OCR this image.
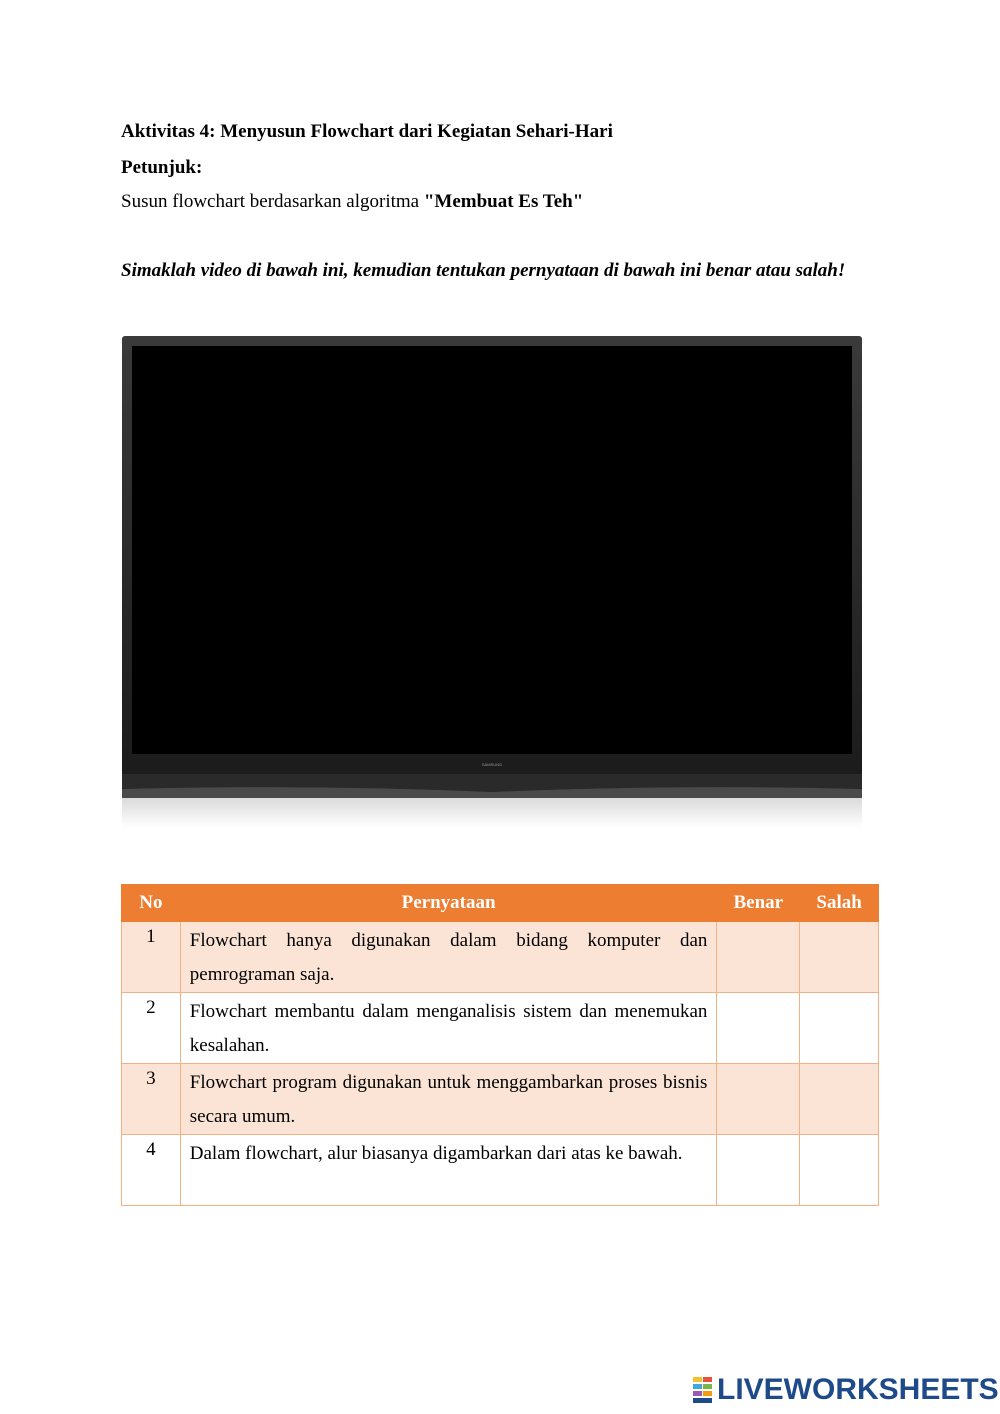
Aktivitas 4: Menyusun Flowchart dari Kegiatan Sehari-Hari
Petunjuk:
Susun flowchart berdasarkan algoritma "Membuat Es Teh"
Simaklah video di bawah ini, kemudian tentukan pernyataan di bawah ini benar atau salah!
SAMSUNG
No	Pernyataan	Benar	Salah
1	Flowchart hanya digunakan dalam bidang komputer dan pemrograman saja.		
2	Flowchart membantu dalam menganalisis sistem dan menemukan kesalahan.		
3	Flowchart program digunakan untuk menggambarkan proses bisnis secara umum.		
4	Dalam flowchart, alur biasanya digambarkan dari atas ke bawah.		
LIVEWORKSHEETS
